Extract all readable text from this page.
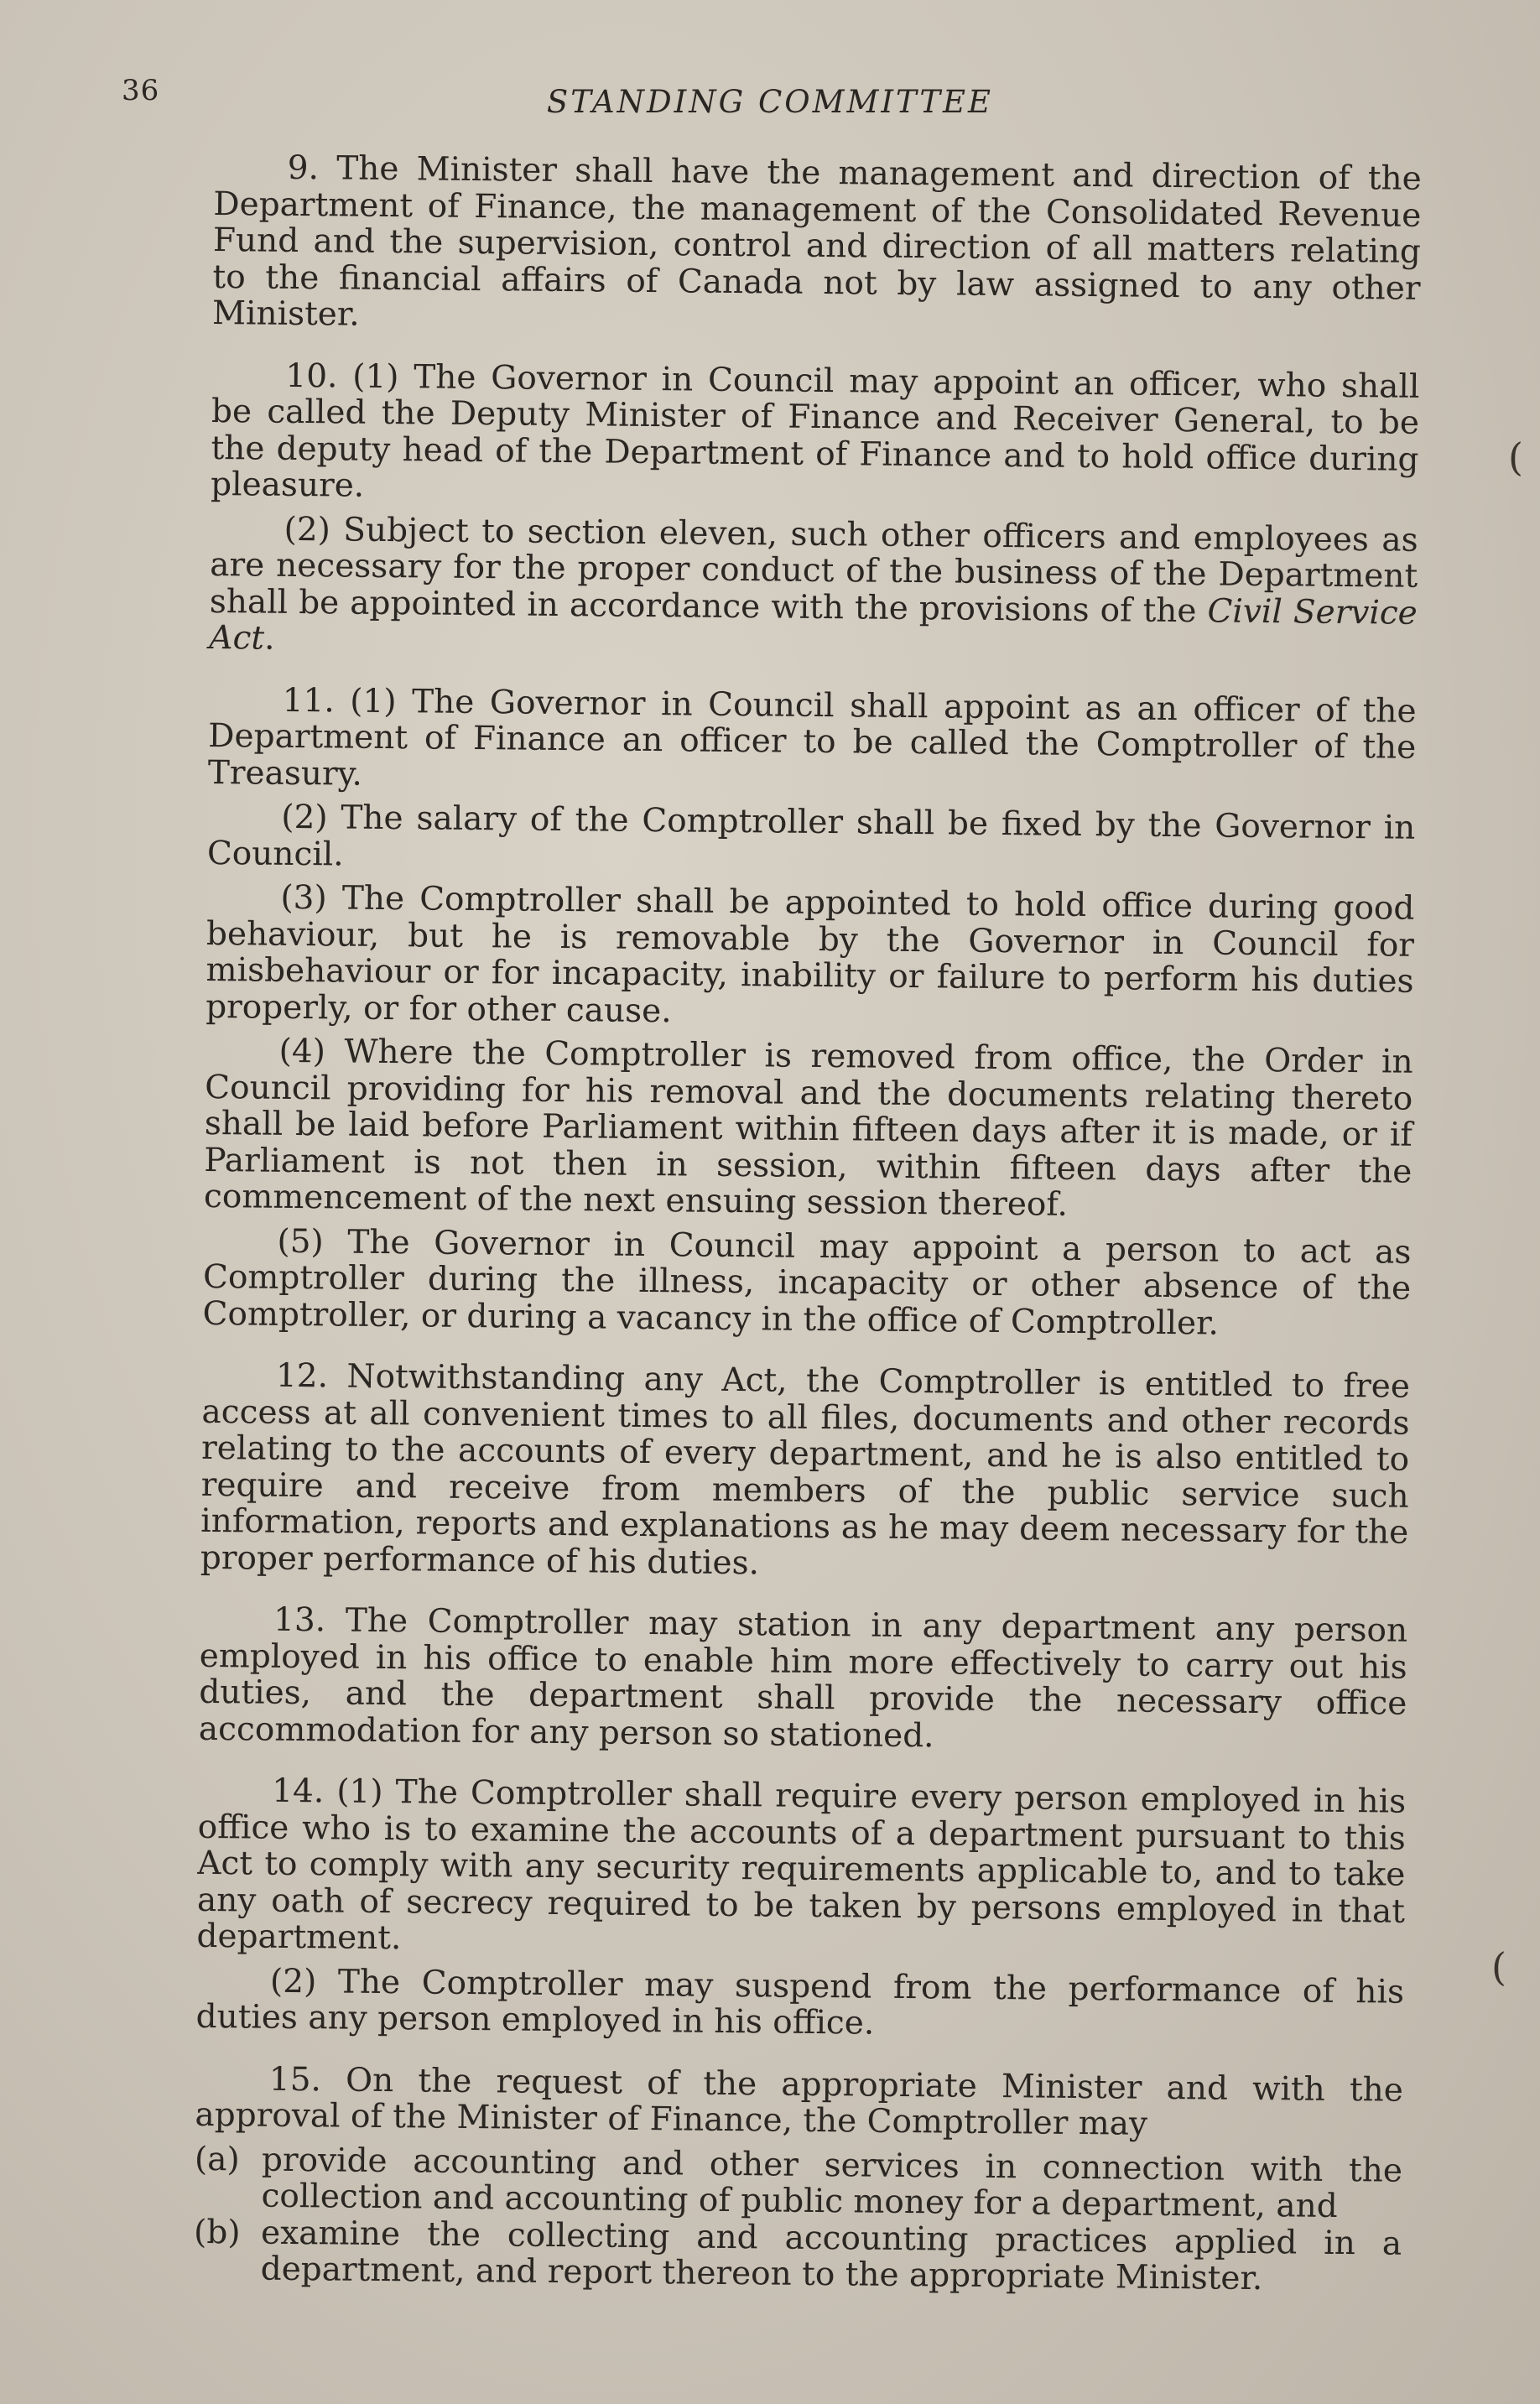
36	STANDING COMMITTEE

9. The Minister shall have the management and direction of the Department of Finance, the management of the Consolidated Revenue Fund and the supervision, control and direction of all matters relating to the financial affairs of Canada not by law assigned to any other Minister.

10. (1) The Governor in Council may appoint an officer, who shall be called the Deputy Minister of Finance and Receiver General, to be the deputy head of the Department of Finance and to hold office during pleasure.

(2) Subject to section eleven, such other officers and employees as are necessary for the proper conduct of the business of the Department shall be appointed in accordance with the provisions of the Civil Service Act.

11. (1) The Governor in Council shall appoint as an officer of the Department of Finance an officer to be called the Comptroller of the Treasury.

(2) The salary of the Comptroller shall be fixed by the Governor in Council.

(3) The Comptroller shall be appointed to hold office during good behaviour, but he is removable by the Governor in Council for misbehaviour or for incapacity, inability or failure to perform his duties properly, or for other cause.

(4) Where the Comptroller is removed from office, the Order in Council providing for his removal and the documents relating thereto shall be laid before Parliament within fifteen days after it is made, or if Parliament is not then in session, within fifteen days after the commencement of the next ensuing session thereof.

(5) The Governor in Council may appoint a person to act as Comptroller during the illness, incapacity or other absence of the Comptroller, or during a vacancy in the office of Comptroller.

12. Notwithstanding any Act, the Comptroller is entitled to free access at all convenient times to all files, documents and other records relating to the accounts of every department, and he is also entitled to require and receive from members of the public service such information, reports and explanations as he may deem necessary for the proper performance of his duties.

13. The Comptroller may station in any department any person employed in his office to enable him more effectively to carry out his duties, and the department shall provide the necessary office accommodation for any person so stationed.

14. (1) The Comptroller shall require every person employed in his office who is to examine the accounts of a department pursuant to this Act to comply with any security requirements applicable to, and to take any oath of secrecy required to be taken by persons employed in that department.

(2) The Comptroller may suspend from the performance of his duties any person employed in his office.

15. On the request of the appropriate Minister and with the approval of the Minister of Finance, the Comptroller may

(a) provide accounting and other services in connection with the collection and accounting of public money for a department, and

(b) examine the collecting and accounting practices applied in a department, and report thereon to the appropriate Minister.

(
(
